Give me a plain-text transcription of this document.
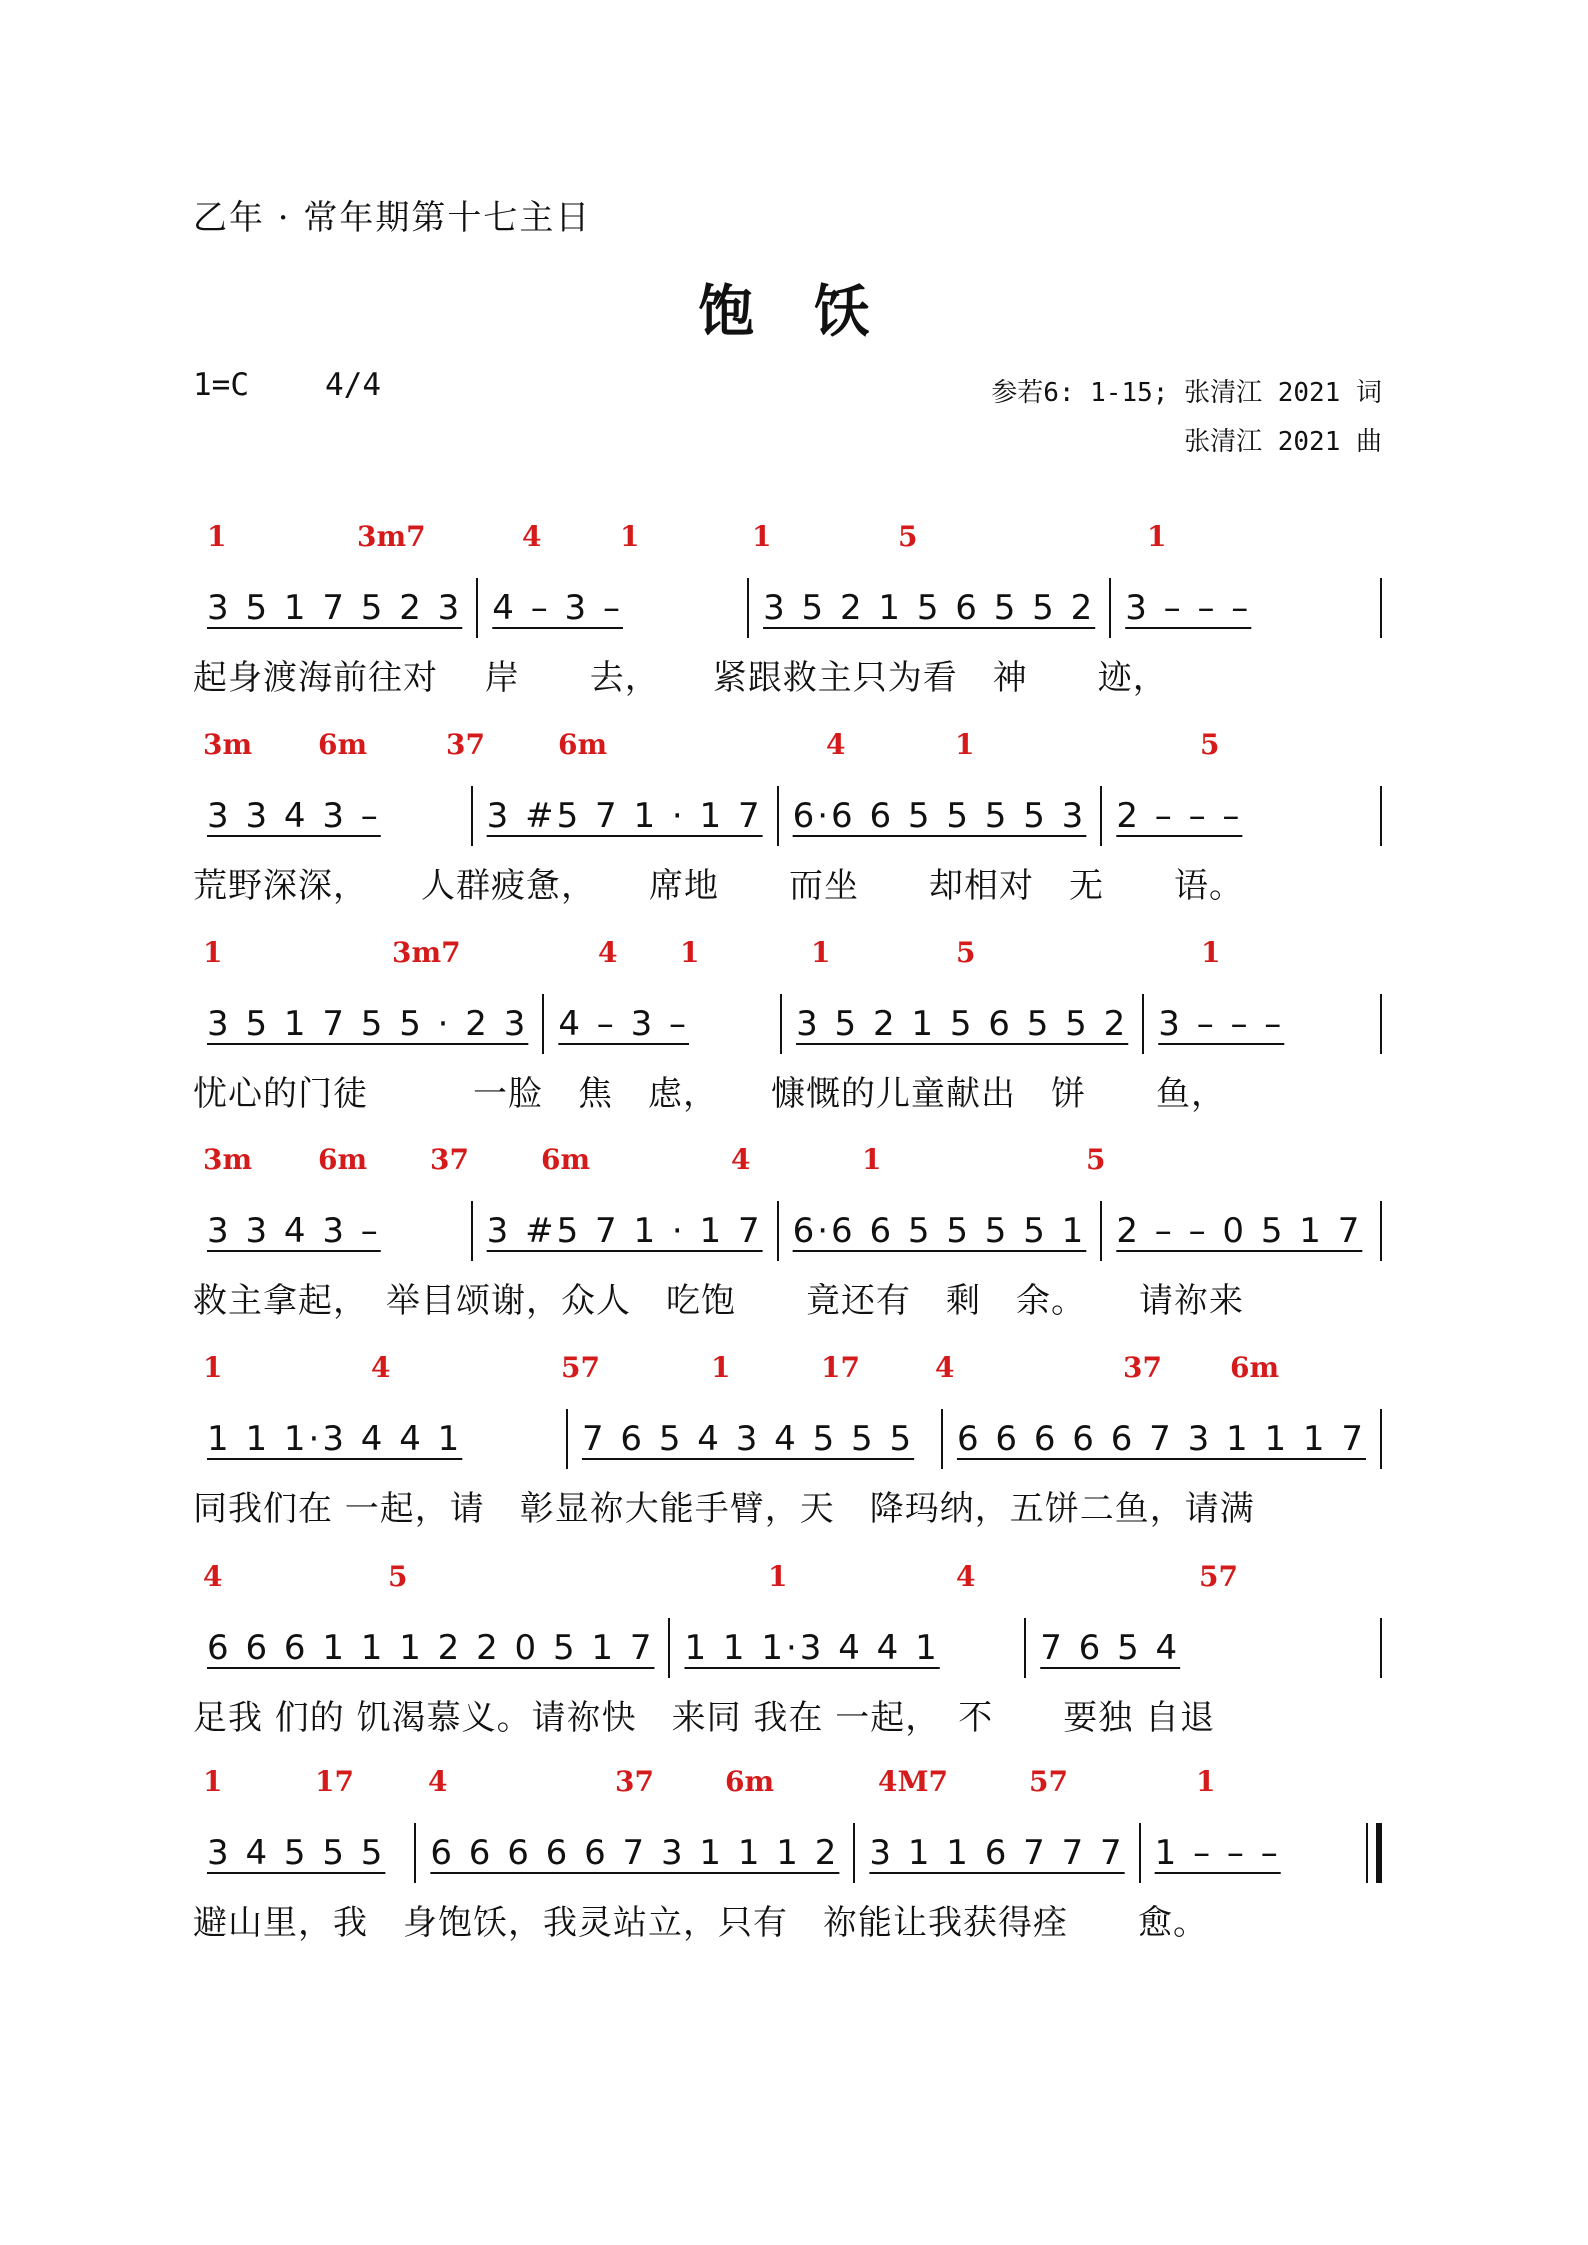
乙年 · 常年期第十七主日
饱 饫
1=C 4/4	参若6: 1-15; 张清江 2021 词
张清江 2021 曲
1	3m7	4	1	1	5	1
3 5 1 7 5 2 3 4 – 3 –	3 5 2 1 5 6 5 5 2 3 – – –
起身渡海前往对　 岸　　去，　　紧跟救主只为看　神　　迹，
3m 6m	37	6m	4	1	5
3 3 4 3 –	3 #5 7 1 · 1 7 6·6 6 5 5 5 5 3 2 – – –
荒野深深，　　人群疲惫，　　席地　　而坐　　却相对　无　　语。
1	3m7	4 1	1	5	1
3 5 1 7 5 5 · 2 3 4 – 3 –	3 5 2 1 5 6 5 5 2 3 – – –
忧心的门徒　　　一脸　焦　虑，　　慷慨的儿童献出　饼　　鱼，
3m 6m 37	6m	4	1	5
3 3 4 3 –	3 #5 7 1 · 1 7 6·6 6 5 5 5 5 1 2 – – 0 5 1 7
救主拿起，　举目颂谢，众人　吃饱　　竟还有　剩　余。　　请祢来
1	4	57	1	17	4	37 6m
1 1 1·3 4 4 1	7 6 5 4 3 4 5 5 5 6 6 6 6 6 7 3 1 1 1 7
同我们在 一起，请　彰显祢大能手臂，天　降玛纳，五饼二鱼，请满
4	5	1	4	57
6 6 6 1 1 1 2 2 0 5 1 7 1 1 1·3 4 4 1	7 6 5 4
足我 们的 饥渴慕义。请祢快　来同 我在 一起，　不　　要独 自退
1	17	4	37	6m	4M7	57	1
3 4 5 5 5 6 6 6 6 6 7 3 1 1 1 2 3 1 1 6 7 7 7 1 – – –
避山里，我　身饱饫，我灵站立，只有　祢能让我获得痊　　愈。
